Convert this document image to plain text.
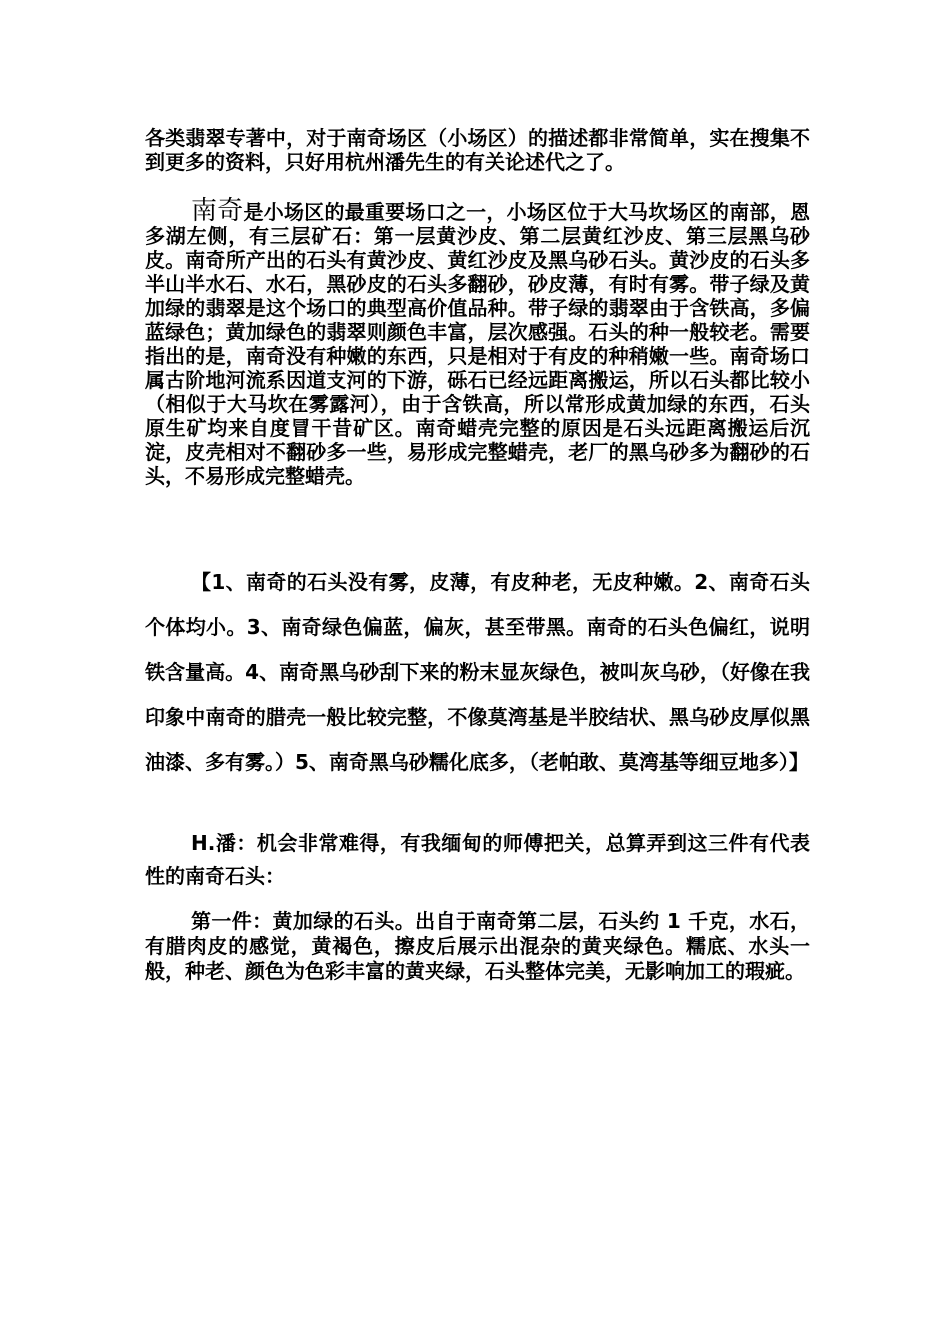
各类翡翠专著中，对于南奇场区（小场区）的描述都非常简单，实在搜集不到更多的资料，只好用杭州潘先生的有关论述代之了。

南奇是小场区的最重要场口之一，小场区位于大马坎场区的南部，恩多湖左侧，有三层矿石：第一层黄沙皮、第二层黄红沙皮、第三层黑乌砂皮。南奇所产出的石头有黄沙皮、黄红沙皮及黑乌砂石头。黄沙皮的石头多半山半水石、水石，黑砂皮的石头多翻砂，砂皮薄，有时有雾。带子绿及黄加绿的翡翠是这个场口的典型高价值品种。带子绿的翡翠由于含铁高，多偏蓝绿色；黄加绿色的翡翠则颜色丰富，层次感强。石头的种一般较老。需要指出的是，南奇没有种嫩的东西，只是相对于有皮的种稍嫩一些。南奇场口属古阶地河流系因道支河的下游，砾石已经远距离搬运，所以石头都比较小（相似于大马坎在雾露河），由于含铁高，所以常形成黄加绿的东西，石头原生矿均来自度冒干昔矿区。南奇蜡壳完整的原因是石头远距离搬运后沉淀，皮壳相对不翻砂多一些，易形成完整蜡壳，老厂的黑乌砂多为翻砂的石头，不易形成完整蜡壳。

【1、南奇的石头没有雾，皮薄，有皮种老，无皮种嫩。2、南奇石头个体均小。3、南奇绿色偏蓝，偏灰，甚至带黑。南奇的石头色偏红，说明铁含量高。4、南奇黑乌砂刮下来的粉末显灰绿色，被叫灰乌砂，（好像在我印象中南奇的腊壳一般比较完整，不像莫湾基是半胶结状、黑乌砂皮厚似黑油漆、多有雾。）5、南奇黑乌砂糯化底多，（老帕敢、莫湾基等细豆地多）】

H.潘：机会非常难得，有我缅甸的师傅把关，总算弄到这三件有代表性的南奇石头：

第一件：黄加绿的石头。出自于南奇第二层，石头约 1 千克，水石，有腊肉皮的感觉，黄褐色，擦皮后展示出混杂的黄夹绿色。糯底、水头一般，种老、颜色为色彩丰富的黄夹绿，石头整体完美，无影响加工的瑕疵。
